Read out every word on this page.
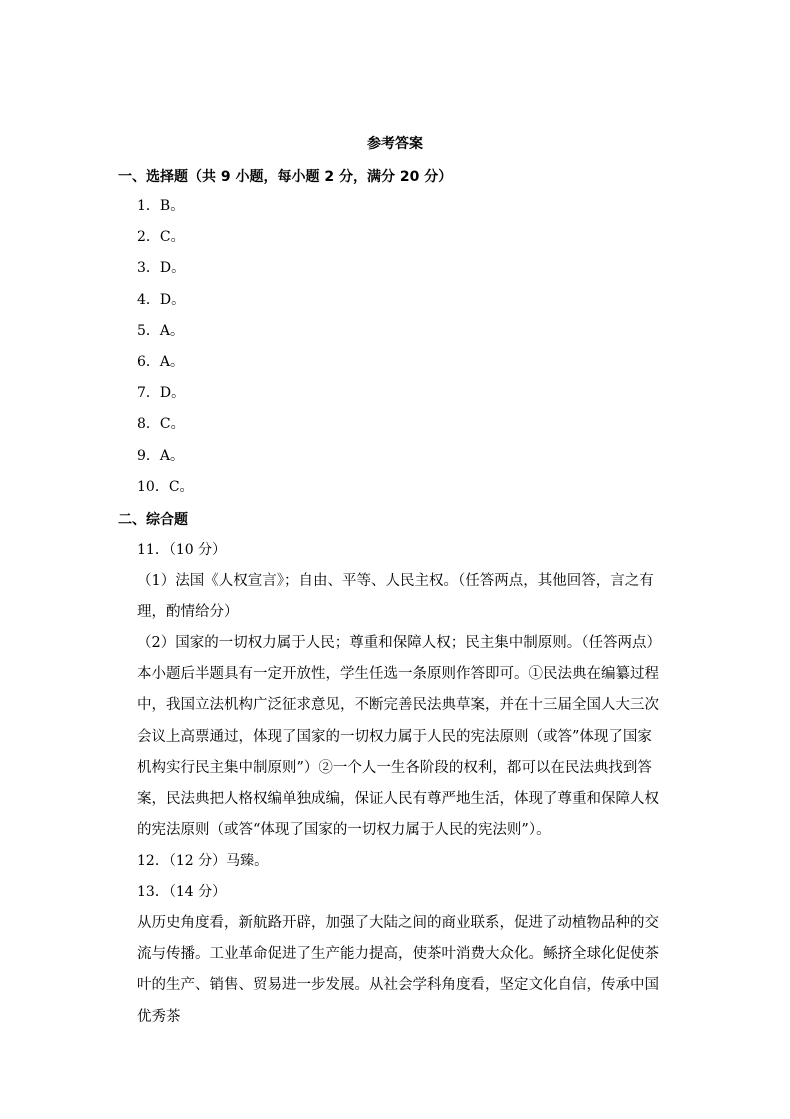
参考答案
一、选择题（共 9 小题，每小题 2 分，满分 20 分）
1．B。
2．C。
3．D。
4．D。
5．A。
6．A。
7．D。
8．C。
9．A。
10．C。
二、综合题
11．（10 分）
（1）法国《人权宣言》；自由、平等、人民主权。（任答两点，其他回答，言之有理，酌情给分）
（2）国家的一切权力属于人民；尊重和保障人权；民主集中制原则。（任答两点）本小题后半题具有一定开放性，学生任选一条原则作答即可。①民法典在编纂过程中，我国立法机构广泛征求意见，不断完善民法典草案，并在十三届全国人大三次会议上高票通过，体现了国家的一切权力属于人民的宪法原则（或答”体现了国家机构实行民主集中制原则”）②一个人一生各阶段的权利，都可以在民法典找到答案，民法典把人格权编单独成编，保证人民有尊严地生活，体现了尊重和保障人权的宪法原则（或答“体现了国家的一切权力属于人民的宪法则”）。
12．（12 分）马臻。
13．（14 分）
从历史角度看，新航路开辟，加强了大陆之间的商业联系，促进了动植物品种的交流与传播。工业革命促进了生产能力提高，使茶叶消费大众化。鲧挤全球化促使茶叶的生产、销售、贸易进一步发展。从社会学科角度看，坚定文化自信，传承中国优秀茶
